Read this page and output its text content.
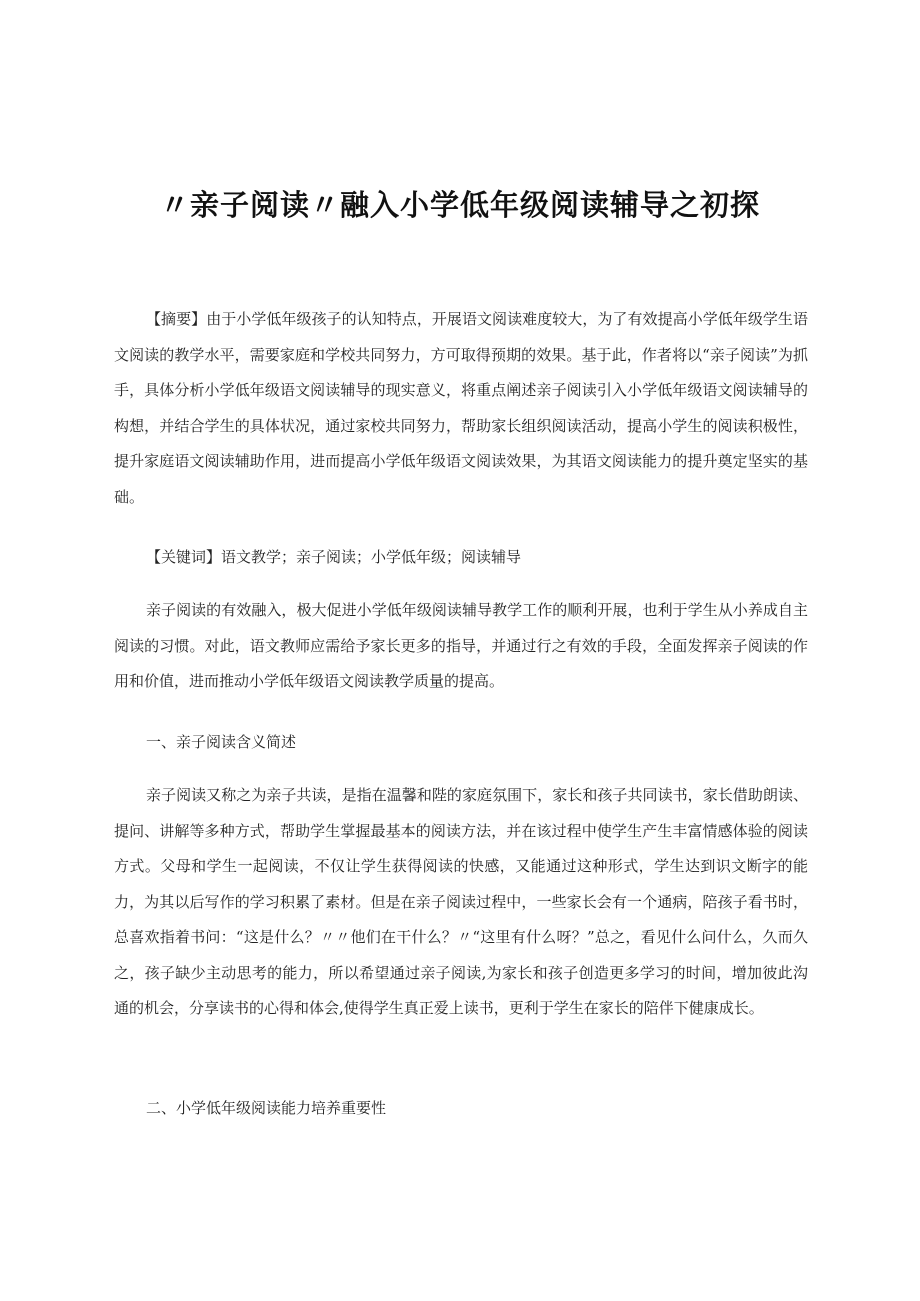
〃亲子阅读〃融入小学低年级阅读辅导之初探

【摘要】由于小学低年级孩子的认知特点，开展语文阅读难度较大，为了有效提高小学低年级学生语文阅读的教学水平，需要家庭和学校共同努力，方可取得预期的效果。基于此，作者将以“亲子阅读”为抓手，具体分析小学低年级语文阅读辅导的现实意义，将重点阐述亲子阅读引入小学低年级语文阅读辅导的构想，并结合学生的具体状况，通过家校共同努力，帮助家长组织阅读活动，提高小学生的阅读积极性，提升家庭语文阅读辅助作用，进而提高小学低年级语文阅读效果，为其语文阅读能力的提升奠定坚实的基础。

【关键词】语文教学；亲子阅读；小学低年级；阅读辅导

亲子阅读的有效融入，极大促进小学低年级阅读辅导教学工作的顺利开展，也利于学生从小养成自主阅读的习惯。对此，语文教师应需给予家长更多的指导，并通过行之有效的手段，全面发挥亲子阅读的作用和价值，进而推动小学低年级语文阅读教学质量的提高。

一、亲子阅读含义简述

亲子阅读又称之为亲子共读，是指在温馨和陛的家庭氛围下，家长和孩子共同读书，家长借助朗读、提问、讲解等多种方式，帮助学生掌握最基本的阅读方法，并在该过程中使学生产生丰富情感体验的阅读方式。父母和学生一起阅读，不仅让学生获得阅读的快感，又能通过这种形式，学生达到识文断字的能力，为其以后写作的学习积累了素材。但是在亲子阅读过程中，一些家长会有一个通病，陪孩子看书时，总喜欢指着书问：“这是什么？〃〃他们在干什么？〃“这里有什么呀？”总之，看见什么问什么，久而久之，孩子缺少主动思考的能力，所以希望通过亲子阅读,为家长和孩子创造更多学习的时间，增加彼此沟通的机会，分享读书的心得和体会,使得学生真正爱上读书，更利于学生在家长的陪伴下健康成长。

二、小学低年级阅读能力培养重要性
